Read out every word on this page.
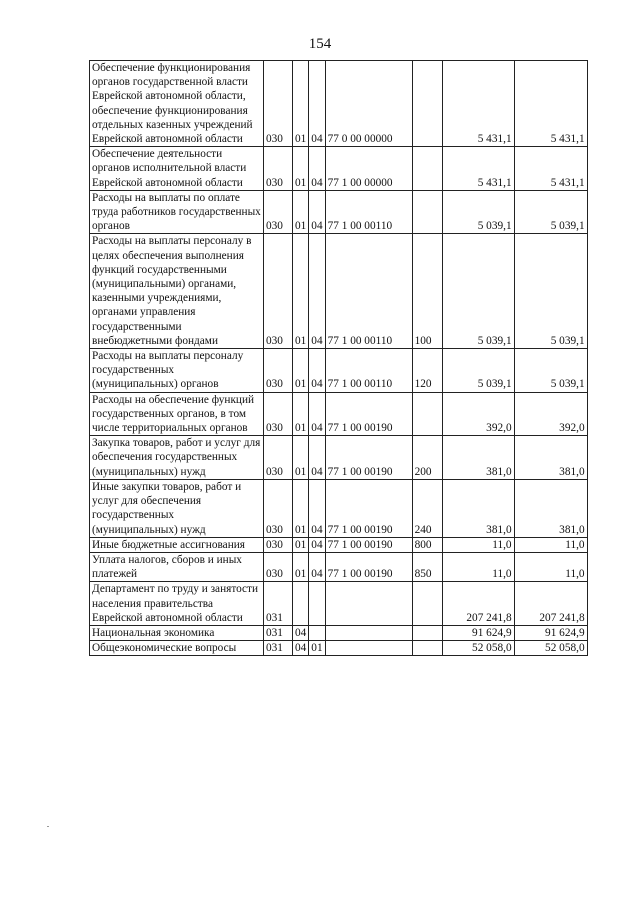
154
Обеспечение функционирования органов государственной власти Еврейской автономной области, обеспечение функционирования отдельных казенных учреждений Еврейской автономной области	030	01	04	77 0 00 00000		5 431,1	5 431,1
Обеспечение деятельности органов исполнительной власти Еврейской автономной области	030	01	04	77 1 00 00000		5 431,1	5 431,1
Расходы на выплаты по оплате труда работников государственных органов	030	01	04	77 1 00 00110		5 039,1	5 039,1
Расходы на выплаты персоналу в целях обеспечения выполнения функций государственными (муниципальными) органами, казенными учреждениями, органами управления государственными внебюджетными фондами	030	01	04	77 1 00 00110	100	5 039,1	5 039,1
Расходы на выплаты персоналу государственных (муниципальных) органов	030	01	04	77 1 00 00110	120	5 039,1	5 039,1
Расходы на обеспечение функций государственных органов, в том числе территориальных органов	030	01	04	77 1 00 00190		392,0	392,0
Закупка товаров, работ и услуг для обеспечения государственных (муниципальных) нужд	030	01	04	77 1 00 00190	200	381,0	381,0
Иные закупки товаров, работ и услуг для обеспечения государственных (муниципальных) нужд	030	01	04	77 1 00 00190	240	381,0	381,0
Иные бюджетные ассигнования	030	01	04	77 1 00 00190	800	11,0	11,0
Уплата налогов, сборов и иных платежей	030	01	04	77 1 00 00190	850	11,0	11,0
Департамент по труду и занятости населения правительства Еврейской автономной области	031					207 241,8	207 241,8
Национальная экономика	031	04				91 624,9	91 624,9
Общеэкономические вопросы	031	04	01			52 058,0	52 058,0
